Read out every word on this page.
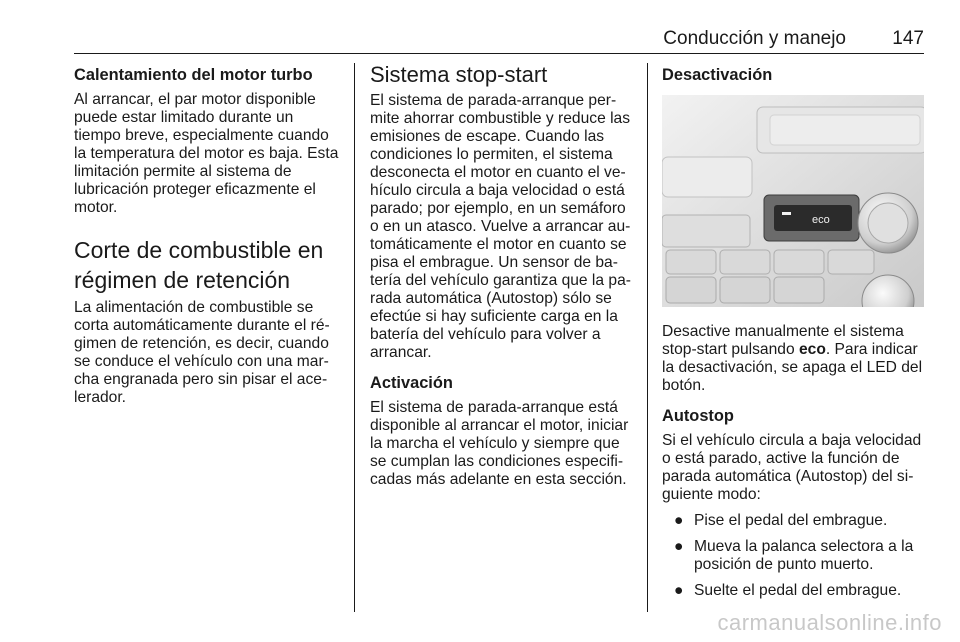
Conducción y manejo 147
Calentamiento del motor turbo

Al arrancar, el par motor disponible puede estar limitado durante un tiempo breve, especialmente cuando la temperatura del motor es baja. Esta limitación permite al sistema de lubricación proteger eficazmente el motor.

Corte de combustible en régimen de retención

La alimentación de combustible se corta automáticamente durante el régimen de retención, es decir, cuando se conduce el vehículo con una marcha engranada pero sin pisar el acelerador.

Sistema stop-start

El sistema de parada-arranque permite ahorrar combustible y reduce las emisiones de escape. Cuando las condiciones lo permiten, el sistema desconecta el motor en cuanto el vehículo circula a baja velocidad o está parado; por ejemplo, en un semáforo o en un atasco. Vuelve a arrancar automáticamente el motor en cuanto se pisa el embrague. Un sensor de batería del vehículo garantiza que la parada automática (Autostop) sólo se efectúe si hay suficiente carga en la batería del vehículo para volver a arrancar.

Activación

El sistema de parada-arranque está disponible al arrancar el motor, iniciar la marcha el vehículo y siempre que se cumplan las condiciones especificadas más adelante en esta sección.

Desactivación
eco

Desactive manualmente el sistema stop-start pulsando eco. Para indicar la desactivación, se apaga el LED del botón.

Autostop

Si el vehículo circula a baja velocidad o está parado, active la función de parada automática (Autostop) del siguiente modo:

● Pise el pedal del embrague.
● Mueva la palanca selectora a la posición de punto muerto.
● Suelte el pedal del embrague.
carmanualsonline.info
